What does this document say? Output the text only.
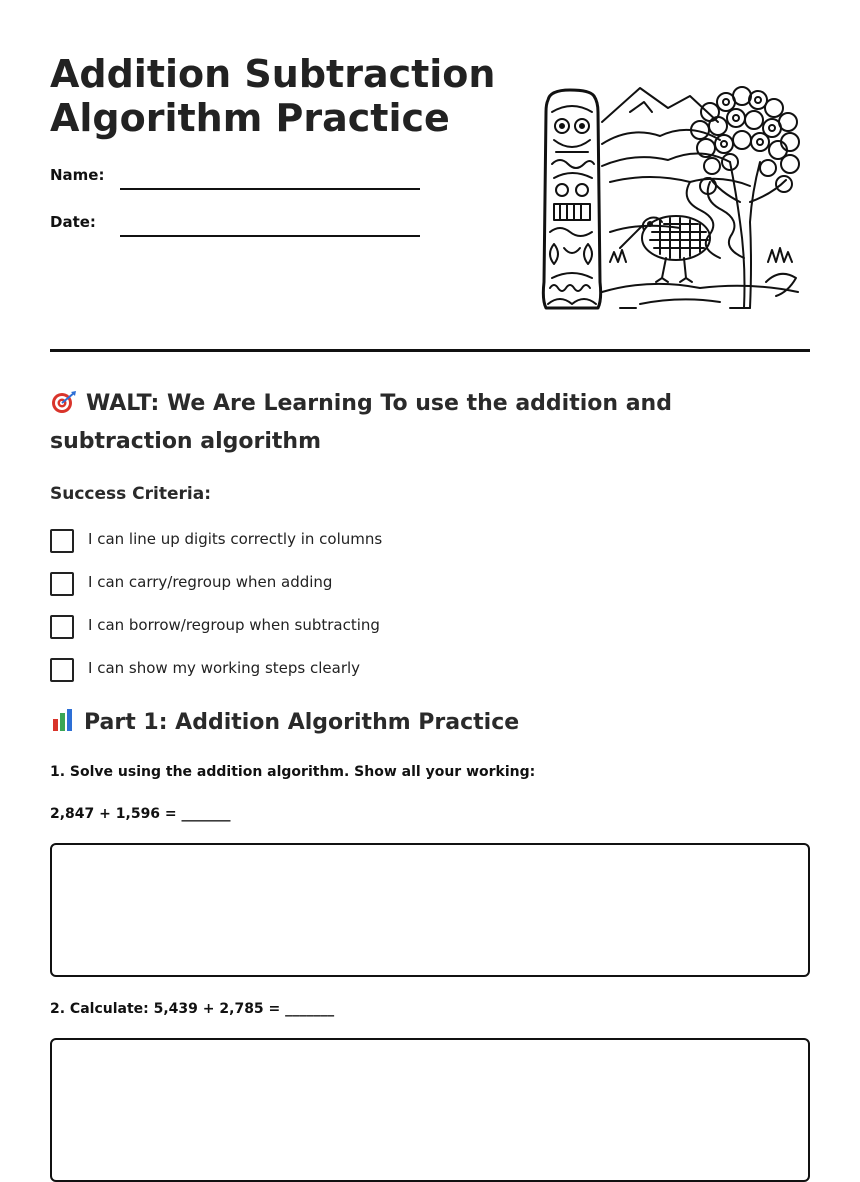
Addition Subtraction
Algorithm Practice
Name:
Date:
WALT: We Are Learning To use the addition and subtraction algorithm
Success Criteria:
I can line up digits correctly in columns
I can carry/regroup when adding
I can borrow/regroup when subtracting
I can show my working steps clearly
Part 1: Addition Algorithm Practice

1. Solve using the addition algorithm. Show all your working:

2,847 + 1,596 = _______

2. Calculate: 5,439 + 2,785 = _______
